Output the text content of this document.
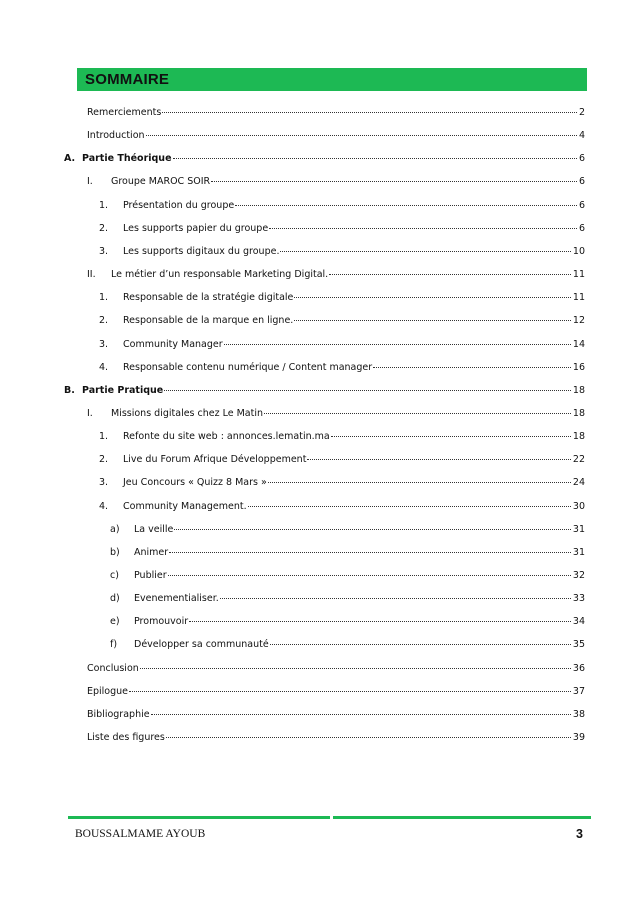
SOMMAIRE
Remerciements	2
Introduction	4
A. Partie Théorique	6
I.	Groupe MAROC SOIR	6
1.	Présentation du groupe	6
2.	Les supports papier du groupe	6
3.	Les supports digitaux du groupe.	10
II.	Le métier d’un responsable Marketing Digital.	11
1.	Responsable de la stratégie digitale	11
2.	Responsable de la marque en ligne.	12
3.	Community Manager	14
4.	Responsable contenu numérique / Content manager	16
B. Partie Pratique	18
I.	Missions digitales chez Le Matin	18
1.	Refonte du site web : annonces.lematin.ma	18
2.	Live du Forum Afrique Développement	22
3.	Jeu Concours « Quizz 8 Mars »	24
4.	Community Management.	30
a)	La veille	31
b)	Animer	31
c)	Publier	32
d)	Evenementialiser.	33
e)	Promouvoir	34
f)	Développer sa communauté	35
Conclusion	36
Epilogue	37
Bibliographie	38
Liste des figures	39
BOUSSALMAME AYOUB	3
